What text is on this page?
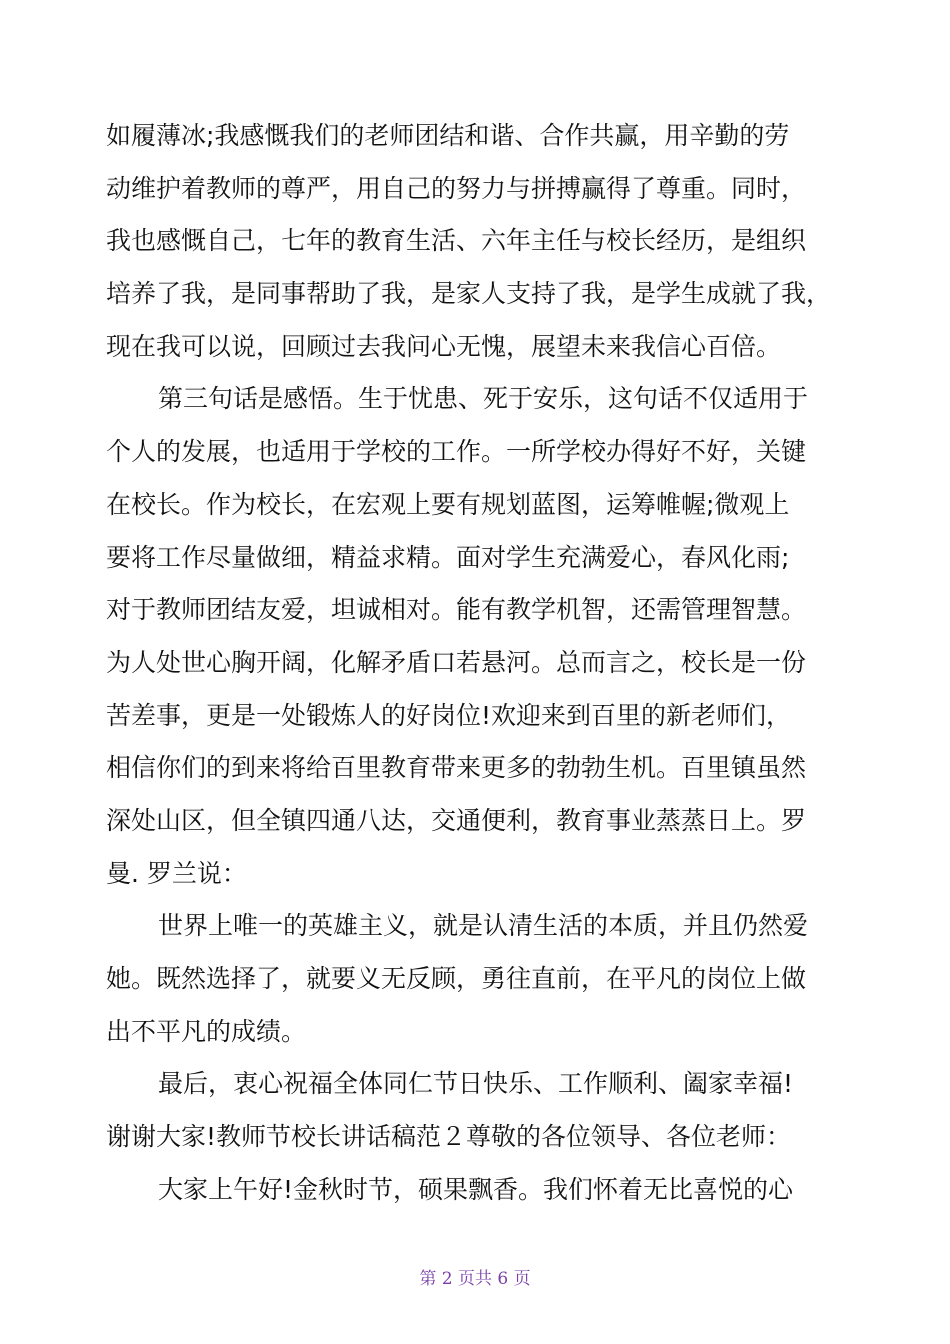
如履薄冰;我感慨我们的老师团结和谐、合作共赢，用辛勤的劳
动维护着教师的尊严，用自己的努力与拼搏赢得了尊重。同时，
我也感慨自己，七年的教育生活、六年主任与校长经历，是组织
培养了我，是同事帮助了我，是家人支持了我，是学生成就了我，
现在我可以说，回顾过去我问心无愧，展望未来我信心百倍。
第三句话是感悟。生于忧患、死于安乐，这句话不仅适用于
个人的发展，也适用于学校的工作。一所学校办得好不好，关键
在校长。作为校长，在宏观上要有规划蓝图，运筹帷幄;微观上
要将工作尽量做细，精益求精。面对学生充满爱心，春风化雨;
对于教师团结友爱，坦诚相对。能有教学机智，还需管理智慧。
为人处世心胸开阔，化解矛盾口若悬河。总而言之，校长是一份
苦差事，更是一处锻炼人的好岗位!欢迎来到百里的新老师们，
相信你们的到来将给百里教育带来更多的勃勃生机。百里镇虽然
深处山区，但全镇四通八达，交通便利，教育事业蒸蒸日上。罗
曼. 罗兰说：
世界上唯一的英雄主义，就是认清生活的本质，并且仍然爱
她。既然选择了，就要义无反顾，勇往直前，在平凡的岗位上做
出不平凡的成绩。
最后，衷心祝福全体同仁节日快乐、工作顺利、阖家幸福!
谢谢大家!教师节校长讲话稿范２尊敬的各位领导、各位老师：
大家上午好!金秋时节，硕果飘香。我们怀着无比喜悦的心
第 2 页共 6 页
